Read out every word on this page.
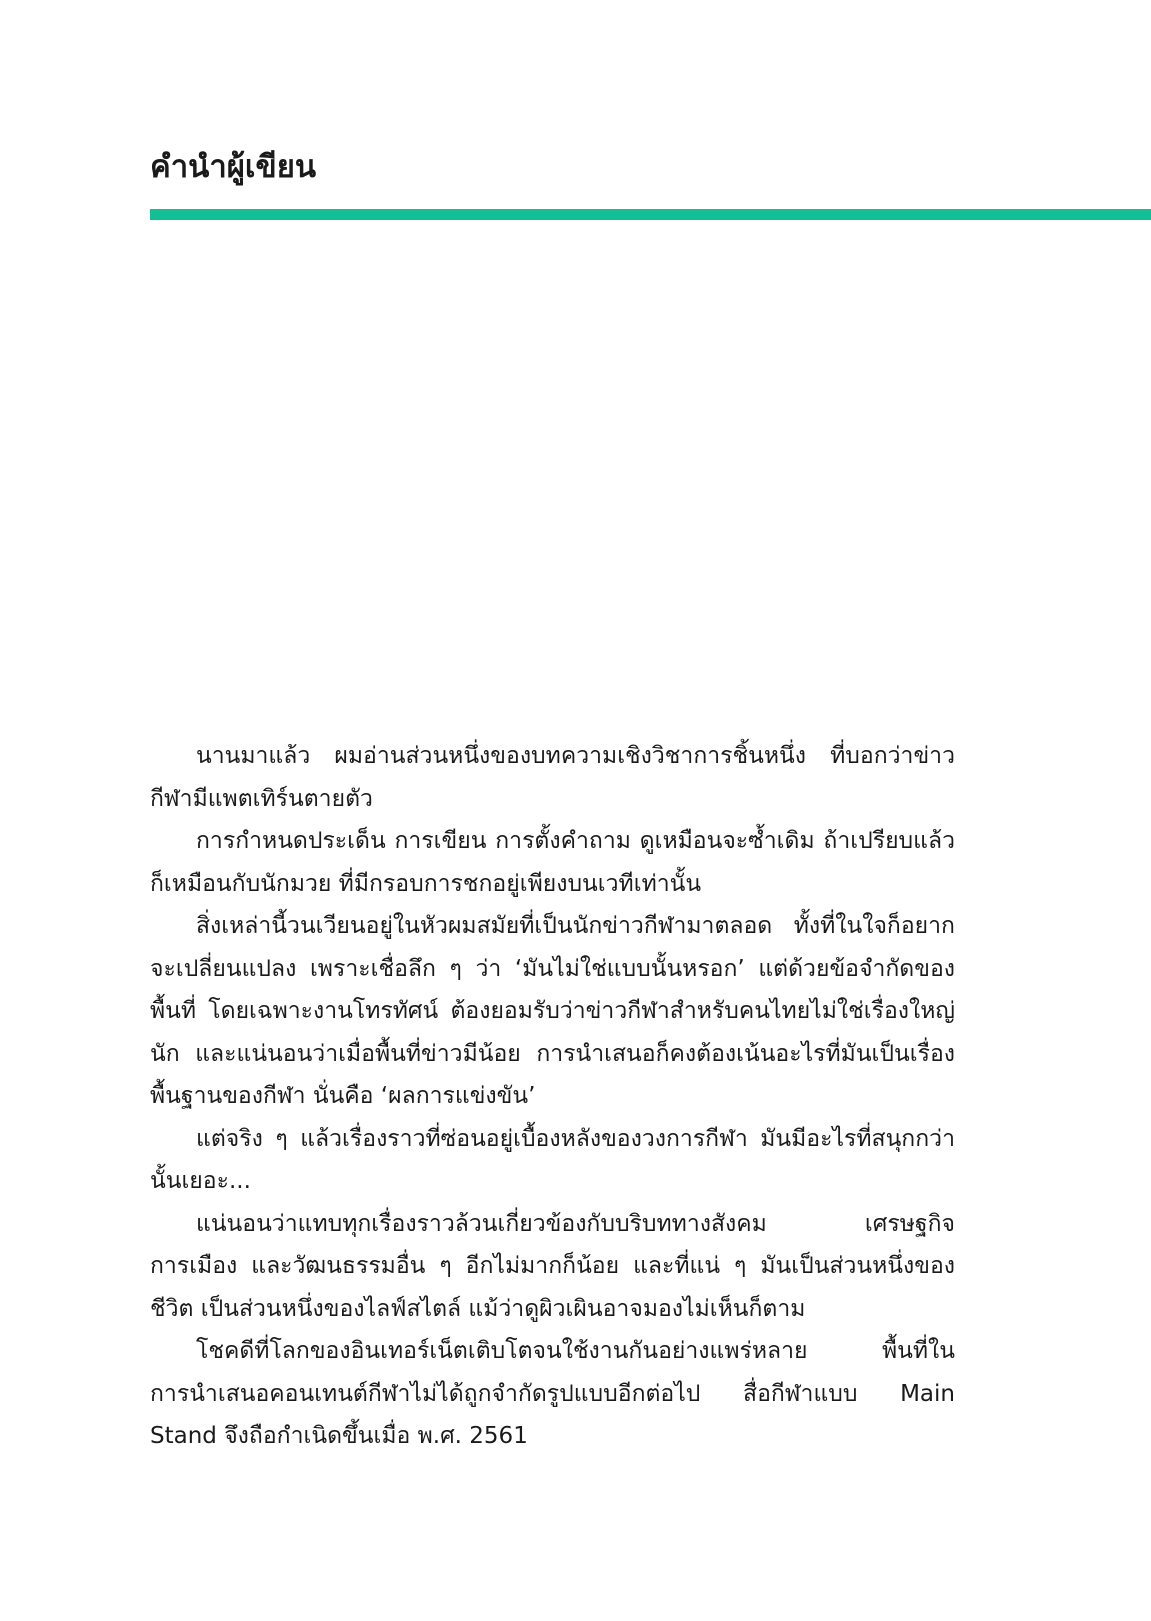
คำนำผู้เขียน

นานมาแล้ว ผมอ่านส่วนหนึ่งของบทความเชิงวิชาการชิ้นหนึ่ง ที่บอกว่าข่าวกีฬามีแพตเทิร์นตายตัว

การกำหนดประเด็น การเขียน การตั้งคำถาม ดูเหมือนจะซ้ำเดิม ถ้าเปรียบแล้วก็เหมือนกับนักมวย ที่มีกรอบการชกอยู่เพียงบนเวทีเท่านั้น

สิ่งเหล่านี้วนเวียนอยู่ในหัวผมสมัยที่เป็นนักข่าวกีฬามาตลอด ทั้งที่ในใจก็อยากจะเปลี่ยนแปลง เพราะเชื่อลึก ๆ ว่า ‘มันไม่ใช่แบบนั้นหรอก’ แต่ด้วยข้อจำกัดของพื้นที่ โดยเฉพาะงานโทรทัศน์ ต้องยอมรับว่าข่าวกีฬาสำหรับคนไทยไม่ใช่เรื่องใหญ่นัก และแน่นอนว่าเมื่อพื้นที่ข่าวมีน้อย การนำเสนอก็คงต้องเน้นอะไรที่มันเป็นเรื่องพื้นฐานของกีฬา นั่นคือ ‘ผลการแข่งขัน’

แต่จริง ๆ แล้วเรื่องราวที่ซ่อนอยู่เบื้องหลังของวงการกีฬา มันมีอะไรที่สนุกกว่านั้นเยอะ...

แน่นอนว่าแทบทุกเรื่องราวล้วนเกี่ยวข้องกับบริบททางสังคม เศรษฐกิจ การเมือง และวัฒนธรรมอื่น ๆ อีกไม่มากก็น้อย และที่แน่ ๆ มันเป็นส่วนหนึ่งของชีวิต เป็นส่วนหนึ่งของไลฟ์สไตล์ แม้ว่าดูผิวเผินอาจมองไม่เห็นก็ตาม

โชคดีที่โลกของอินเทอร์เน็ตเติบโตจนใช้งานกันอย่างแพร่หลาย พื้นที่ในการนำเสนอคอนเทนต์กีฬาไม่ได้ถูกจำกัดรูปแบบอีกต่อไป สื่อกีฬาแบบ Main Stand จึงถือกำเนิดขึ้นเมื่อ พ.ศ. 2561
